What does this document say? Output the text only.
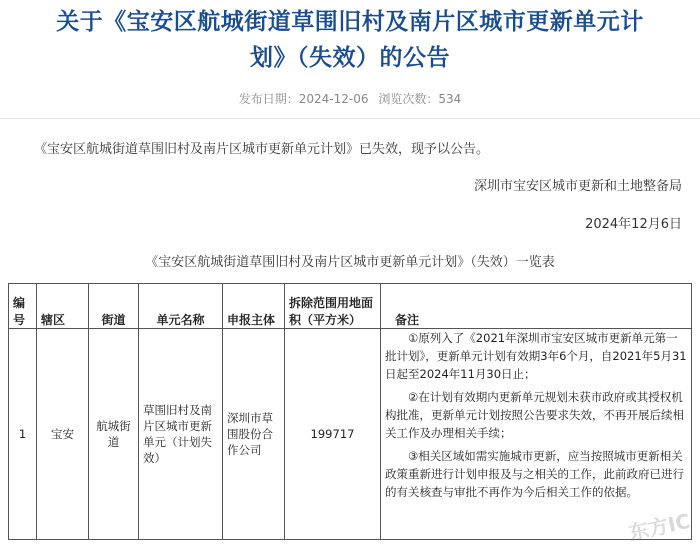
关于《宝安区航城街道草围旧村及南片区城市更新单元计
划》（失效）的公告
发布日期：2024-12-06 浏览次数：534
《宝安区航城街道草围旧村及南片区城市更新单元计划》已失效，现予以公告。
深圳市宝安区城市更新和土地整备局
2024年12月6日
《宝安区航城街道草围旧村及南片区城市更新单元计划》（失效）一览表
编号	辖区	街道	单元名称	申报主体	拆除范围用地面积（平方米）	备注
1	宝安	航城街道	草围旧村及南片区城市更新单元（计划失效）	深圳市草围股份合作公司	199717	①原列入了《2021年深圳市宝安区城市更新单元第一批计划》，更新单元计划有效期3年6个月，自2021年5月31日起至2024年11月30日止；

②在计划有效期内更新单元规划未获市政府或其授权机构批准，更新单元计划按照公告要求失效，不再开展后续相关工作及办理相关手续；

③相关区域如需实施城市更新，应当按照城市更新相关政策重新进行计划申报及与之相关的工作，此前政府已进行的有关核查与审批不再作为今后相关工作的依据。

东方IC
